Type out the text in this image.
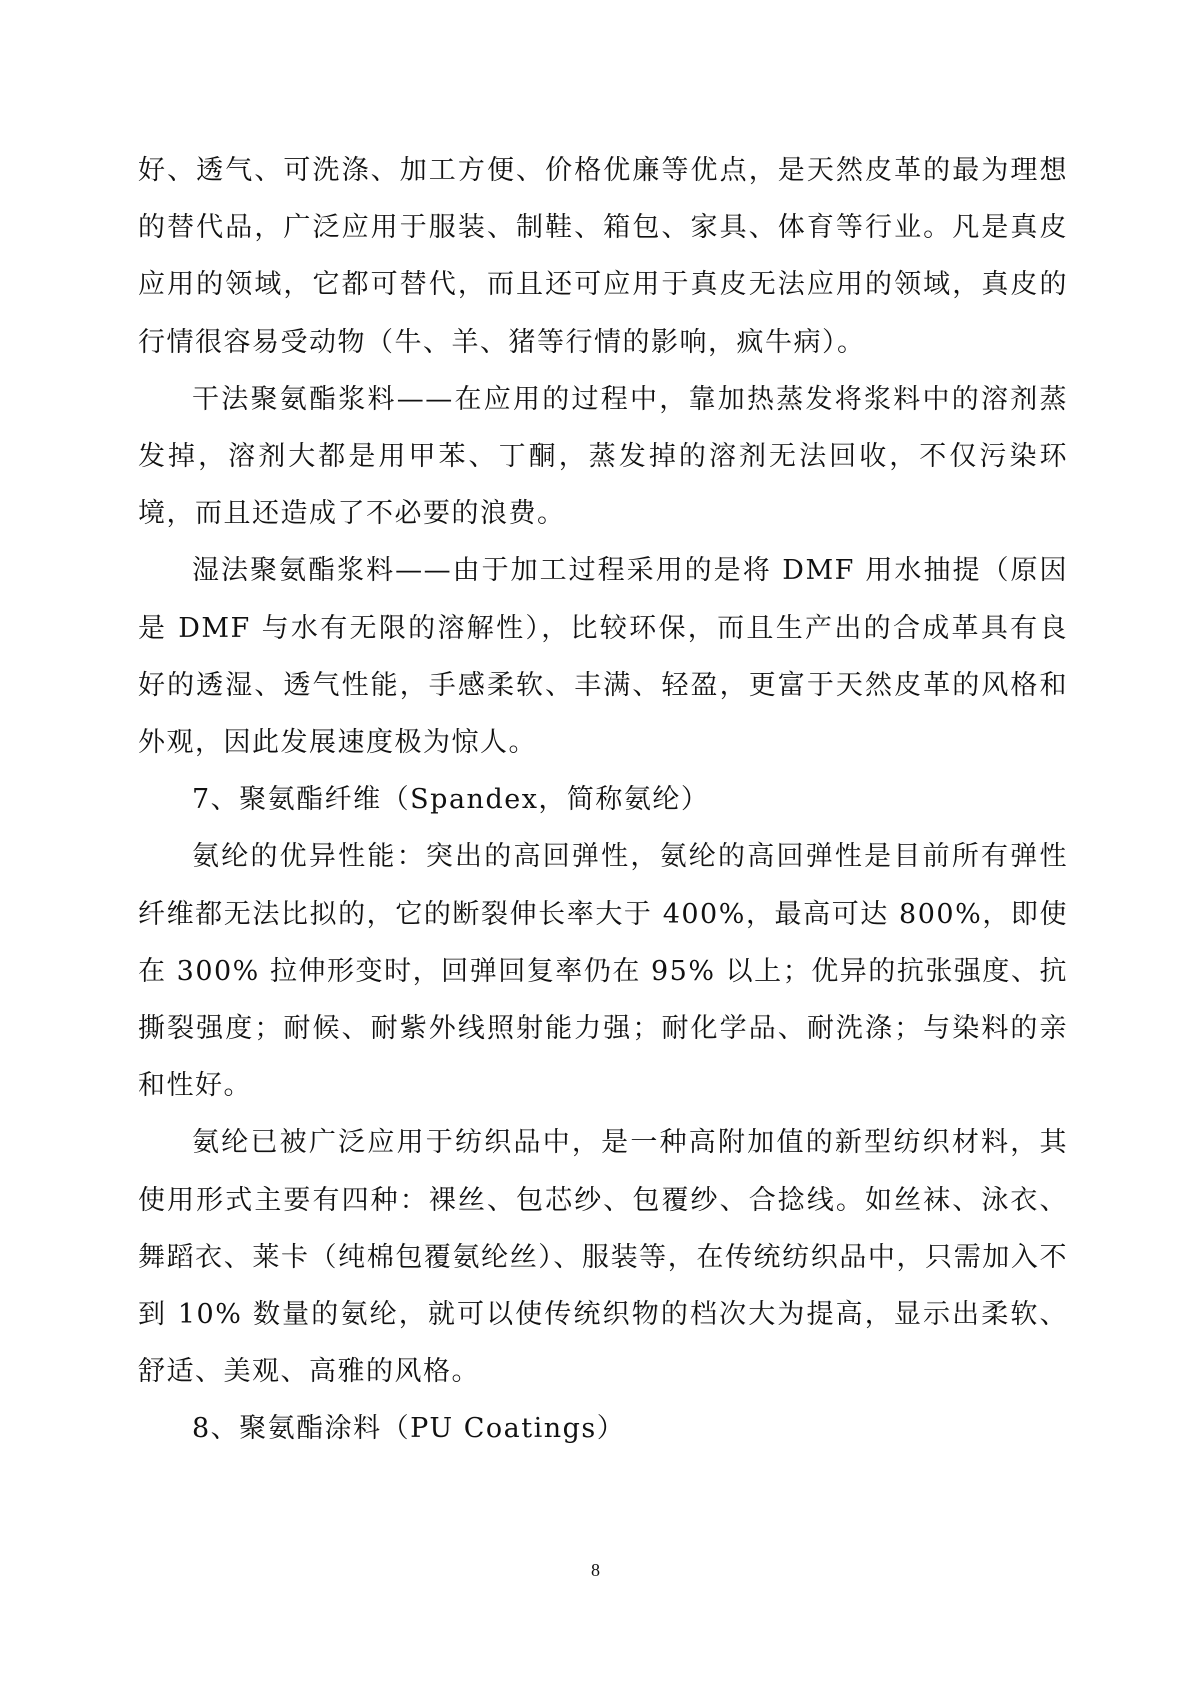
好、透气、可洗涤、加工方便、价格优廉等优点，是天然皮革的最为理想的替代品，广泛应用于服装、制鞋、箱包、家具、体育等行业。凡是真皮应用的领域，它都可替代，而且还可应用于真皮无法应用的领域，真皮的行情很容易受动物（牛、羊、猪等行情的影响，疯牛病）。

干法聚氨酯浆料——在应用的过程中，靠加热蒸发将浆料中的溶剂蒸发掉，溶剂大都是用甲苯、丁酮，蒸发掉的溶剂无法回收，不仅污染环境，而且还造成了不必要的浪费。

湿法聚氨酯浆料——由于加工过程采用的是将 DMF 用水抽提（原因是 DMF 与水有无限的溶解性），比较环保，而且生产出的合成革具有良好的透湿、透气性能，手感柔软、丰满、轻盈，更富于天然皮革的风格和外观，因此发展速度极为惊人。

7、聚氨酯纤维（Spandex，简称氨纶）

氨纶的优异性能：突出的高回弹性，氨纶的高回弹性是目前所有弹性纤维都无法比拟的，它的断裂伸长率大于 400%，最高可达 800%，即使在 300% 拉伸形变时，回弹回复率仍在 95% 以上；优异的抗张强度、抗撕裂强度；耐候、耐紫外线照射能力强；耐化学品、耐洗涤；与染料的亲和性好。

氨纶已被广泛应用于纺织品中，是一种高附加值的新型纺织材料，其使用形式主要有四种：裸丝、包芯纱、包覆纱、合捻线。如丝袜、泳衣、舞蹈衣、莱卡（纯棉包覆氨纶丝）、服装等，在传统纺织品中，只需加入不到 10% 数量的氨纶，就可以使传统织物的档次大为提高，显示出柔软、舒适、美观、高雅的风格。

8、聚氨酯涂料（PU Coatings）

8
